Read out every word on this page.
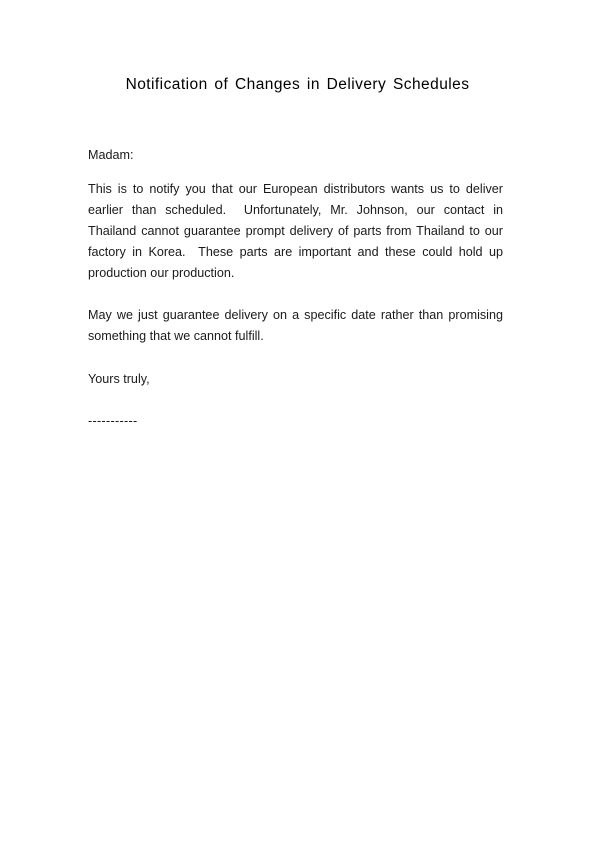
Notification of Changes in Delivery Schedules
Madam:
This is to notify you that our European distributors wants us to deliver earlier than scheduled.  Unfortunately, Mr. Johnson, our contact in Thailand cannot guarantee prompt delivery of parts from Thailand to our factory in Korea.  These parts are important and these could hold up production our production.
May we just guarantee delivery on a specific date rather than promising something that we cannot fulfill.
Yours truly,
-----------
